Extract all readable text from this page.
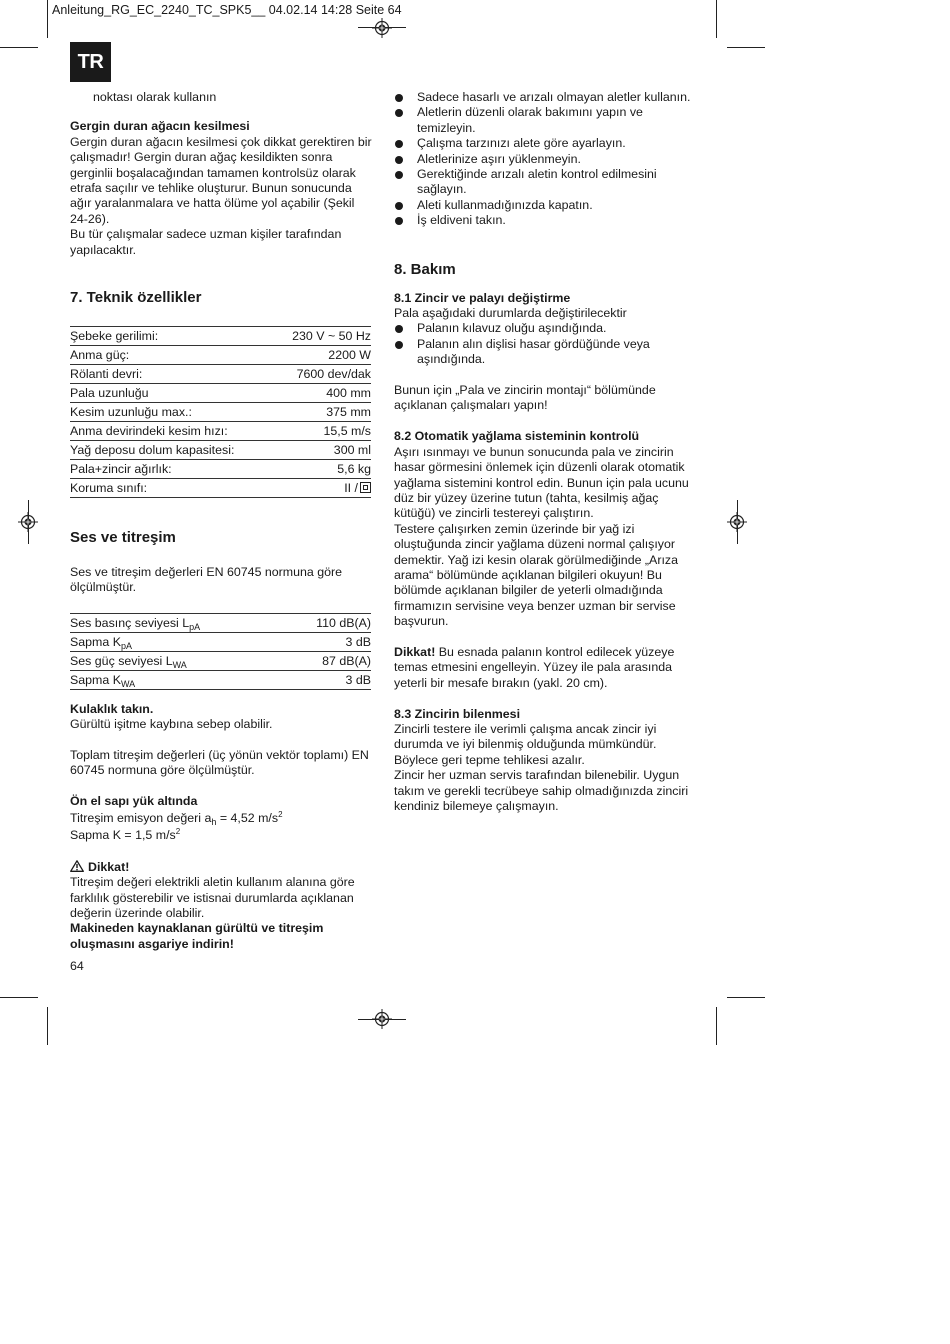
Anleitung_RG_EC_2240_TC_SPK5__ 04.02.14 14:28 Seite 64
TR

noktası olarak kullanın

Gergin duran ağacın kesilmesi

Gergin duran ağacın kesilmesi çok dikkat gerektiren bir çalışmadır! Gergin duran ağaç kesildikten sonra gerginlii boşalacağından tamamen kontrolsüz olarak etrafa saçılır ve tehlike oluşturur. Bunun sonucunda ağır yaralanmalara ve hatta ölüme yol açabilir (Şekil 24-26).

Bu tür çalışmalar sadece uzman kişiler tarafından yapılacaktır.

7. Teknik özellikler
Şebeke gerilimi:	230 V ~ 50 Hz
Anma güç:	2200 W
Rölanti devri:	7600 dev/dak
Pala uzunluğu	400 mm
Kesim uzunluğu max.:	375 mm
Anma devirindeki kesim hızı:	15,5 m/s
Yağ deposu dolum kapasitesi:	300 ml
Pala+zincir ağırlık:	5,6 kg
Koruma sınıfı:	II /
Ses ve titreşim

Ses ve titreşim değerleri EN 60745 normuna göre ölçülmüştür.

Ses basınç seviyesi $L_{pA}$	110 dB(A)
Sapma $K_{pA}$	3 dB
Ses güç seviyesi $L_{WA}$	87 dB(A)
Sapma $K_{WA}$	3 dB

Kulaklık takın.

Gürültü işitme kaybına sebep olabilir.

Toplam titreşim değerleri (üç yönün vektör toplamı) EN 60745 normuna göre ölçülmüştür.

Ön el sapı yük altında

Titreşim emisyon değeri $a_h = 4,52$ $m/s^2$

Sapma K = 1,5 $m/s^2$

Dikkat!

Titreşim değeri elektrikli aletin kullanım alanına göre farklılık gösterebilir ve istisnai durumlarda açıklanan değerin üzerinde olabilir.

Makineden kaynaklanan gürültü ve titreşim oluşmasını asgariye indirin!

Sadece hasarlı ve arızalı olmayan aletler kullanın.
Aletlerin düzenli olarak bakımını yapın ve temizleyin.
Çalışma tarzınızı alete göre ayarlayın.
Aletlerinize aşırı yüklenmeyin.
Gerektiğinde arızalı aletin kontrol edilmesini sağlayın.
Aleti kullanmadığınızda kapatın.
İş eldiveni takın.
8. Bakım

8.1 Zincir ve palayı değiştirme

Pala aşağıdaki durumlarda değiştirilecektir

Palanın kılavuz oluğu aşındığında.
Palanın alın dişlisi hasar gördüğünde veya aşındığında.

Bunun için „Pala ve zincirin montajı“ bölümünde açıklanan çalışmaları yapın!

8.2 Otomatik yağlama sisteminin kontrolü

Aşırı ısınmayı ve bunun sonucunda pala ve zincirin hasar görmesini önlemek için düzenli olarak otomatik yağlama sistemini kontrol edin. Bunun için pala ucunu düz bir yüzey üzerine tutun (tahta, kesilmiş ağaç kütüğü) ve zincirli testereyi çalıştırın.

Testere çalışırken zemin üzerinde bir yağ izi oluştuğunda zincir yağlama düzeni normal çalışıyor demektir. Yağ izi kesin olarak görülmediğinde „Arıza arama“ bölümünde açıklanan bilgileri okuyun! Bu bölümde açıklanan bilgiler de yeterli olmadığında firmamızın servisine veya benzer uzman bir servise başvurun.

Dikkat! Bu esnada palanın kontrol edilecek yüzeye temas etmesini engelleyin. Yüzey ile pala arasında yeterli bir mesafe bırakın (yakl. 20 cm).

8.3 Zincirin bilenmesi

Zincirli testere ile verimli çalışma ancak zincir iyi durumda ve iyi bilenmiş olduğunda mümkündür. Böylece geri tepme tehlikesi azalır.

Zincir her uzman servis tarafından bilenebilir. Uygun takım ve gerekli tecrübeye sahip olmadığınızda zinciri kendiniz bilemeye çalışmayın.

64
